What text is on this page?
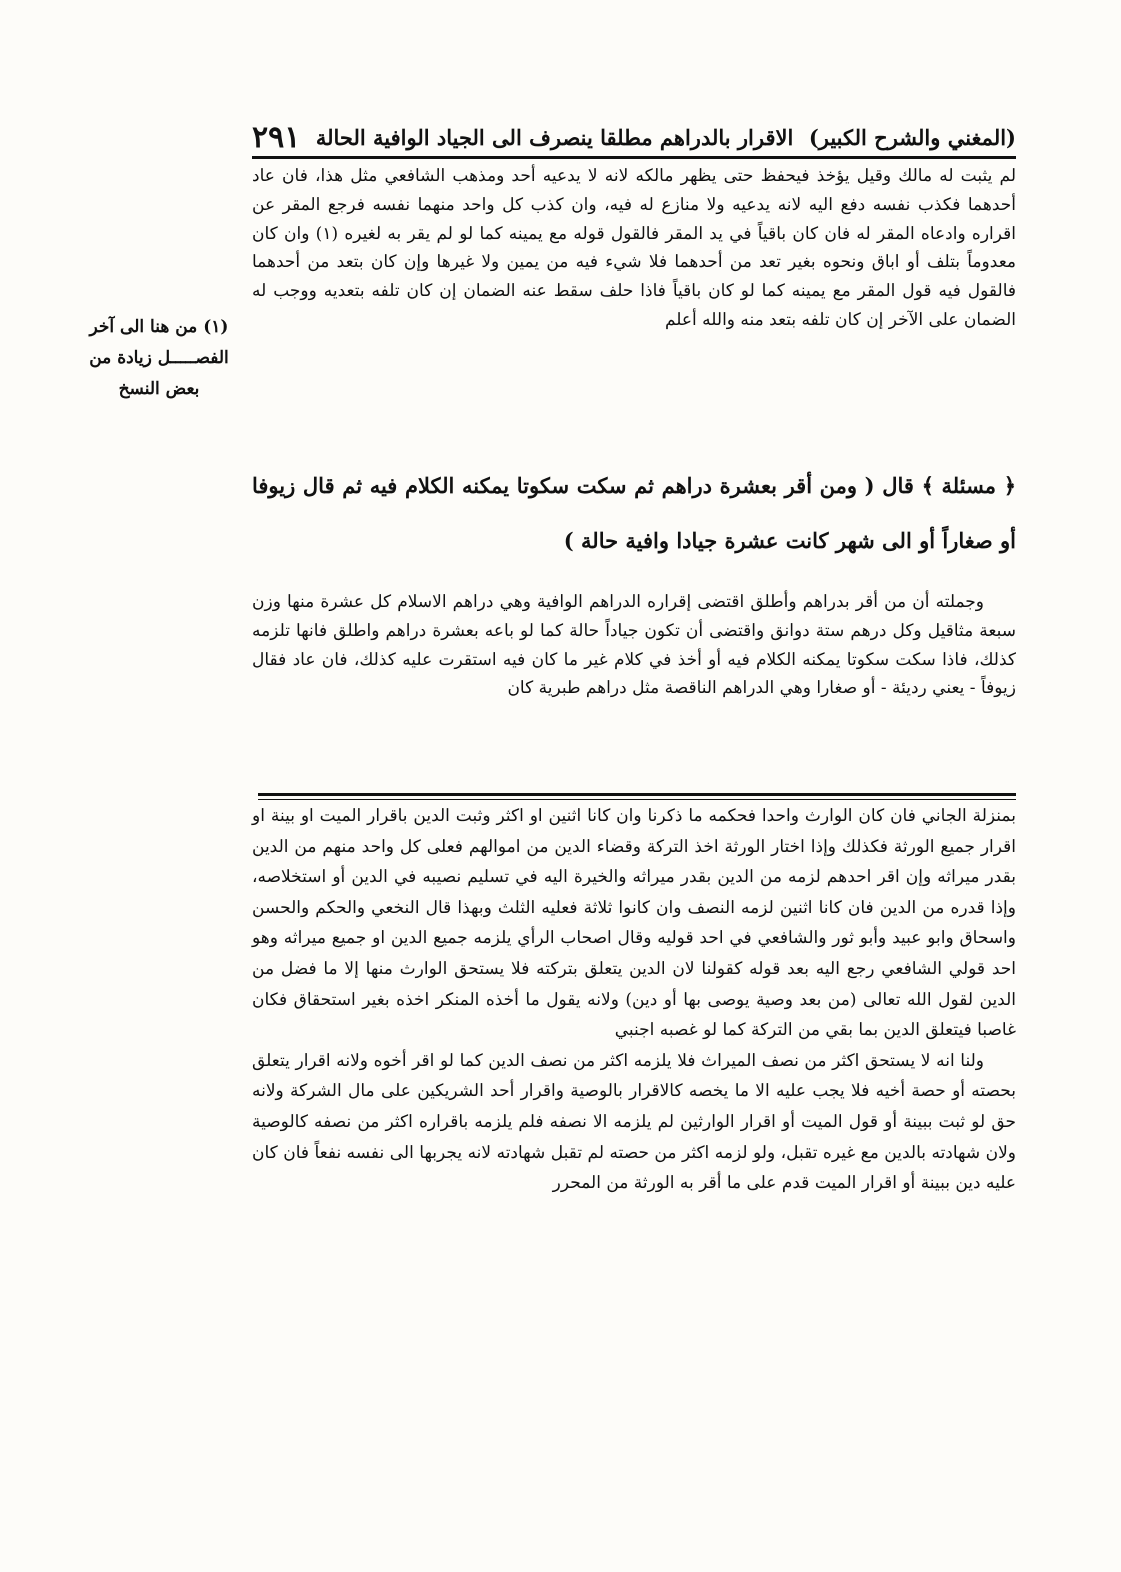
(المغني والشرح الكبير)
الاقرار بالدراهم مطلقا ينصرف الى الجياد الوافية الحالة
٢٩١
(١) من هنا الى آخر الفصـــــل زيادة من بعض النسخ

لم يثبت له مالك وقيل يؤخذ فيحفظ حتى يظهر مالكه لانه لا يدعيه أحد ومذهب الشافعي مثل هذا، فان عاد أحدهما فكذب نفسه دفع اليه لانه يدعيه ولا منازع له فيه، وان كذب كل واحد منهما نفسه فرجع المقر عن اقراره وادعاه المقر له فان كان باقياً في يد المقر فالقول قوله مع يمينه كما لو لم يقر به لغيره (١) وان كان معدوماً بتلف أو اباق ونحوه بغير تعد من أحدهما فلا شيء فيه من يمين ولا غيرها وإن كان بتعد من أحدهما فالقول فيه قول المقر مع يمينه كما لو كان باقياً فاذا حلف سقط عنه الضمان إن كان تلفه بتعديه ووجب له الضمان على الآخر إن كان تلفه بتعد منه والله أعلم

﴿ مسئلة ﴾ قال ( ومن أقر بعشرة دراهم ثم سكت سكوتا يمكنه الكلام فيه ثم قال زيوفا أو صغاراً أو الى شهر كانت عشرة جيادا وافية حالة )

وجملته أن من أقر بدراهم وأطلق اقتضى إقراره الدراهم الوافية وهي دراهم الاسلام كل عشرة منها وزن سبعة مثاقيل وكل درهم ستة دوانق واقتضى أن تكون جياداً حالة كما لو باعه بعشرة دراهم واطلق فانها تلزمه كذلك، فاذا سكت سكوتا يمكنه الكلام فيه أو أخذ في كلام غير ما كان فيه استقرت عليه كذلك، فان عاد فقال زيوفاً - يعني رديئة - أو صغارا وهي الدراهم الناقصة مثل دراهم طبرية كان

بمنزلة الجاني فان كان الوارث واحدا فحكمه ما ذكرنا وان كانا اثنين او اكثر وثبت الدين باقرار الميت او بينة او اقرار جميع الورثة فكذلك وإذا اختار الورثة اخذ التركة وقضاء الدين من اموالهم فعلى كل واحد منهم من الدين بقدر ميراثه وإن اقر احدهم لزمه من الدين بقدر ميراثه والخيرة اليه في تسليم نصيبه في الدين أو استخلاصه، وإذا قدره من الدين فان كانا اثنين لزمه النصف وان كانوا ثلاثة فعليه الثلث وبهذا قال النخعي والحكم والحسن واسحاق وابو عبيد وأبو ثور والشافعي في احد قوليه وقال اصحاب الرأي يلزمه جميع الدين او جميع ميراثه وهو احد قولي الشافعي رجع اليه بعد قوله كقولنا لان الدين يتعلق بتركته فلا يستحق الوارث منها إلا ما فضل من الدين لقول الله تعالى (من بعد وصية يوصى بها أو دين) ولانه يقول ما أخذه المنكر اخذه بغير استحقاق فكان غاصبا فيتعلق الدين بما بقي من التركة كما لو غصبه اجنبي

ولنا انه لا يستحق اكثر من نصف الميراث فلا يلزمه اكثر من نصف الدين كما لو اقر أخوه ولانه اقرار يتعلق بحصته أو حصة أخيه فلا يجب عليه الا ما يخصه كالاقرار بالوصية واقرار أحد الشريكين على مال الشركة ولانه حق لو ثبت ببينة أو قول الميت أو اقرار الوارثين لم يلزمه الا نصفه فلم يلزمه باقراره اكثر من نصفه كالوصية ولان شهادته بالدين مع غيره تقبل، ولو لزمه اكثر من حصته لم تقبل شهادته لانه يجربها الى نفسه نفعاً فان كان عليه دين ببينة أو اقرار الميت قدم على ما أقر به الورثة من المحرر
